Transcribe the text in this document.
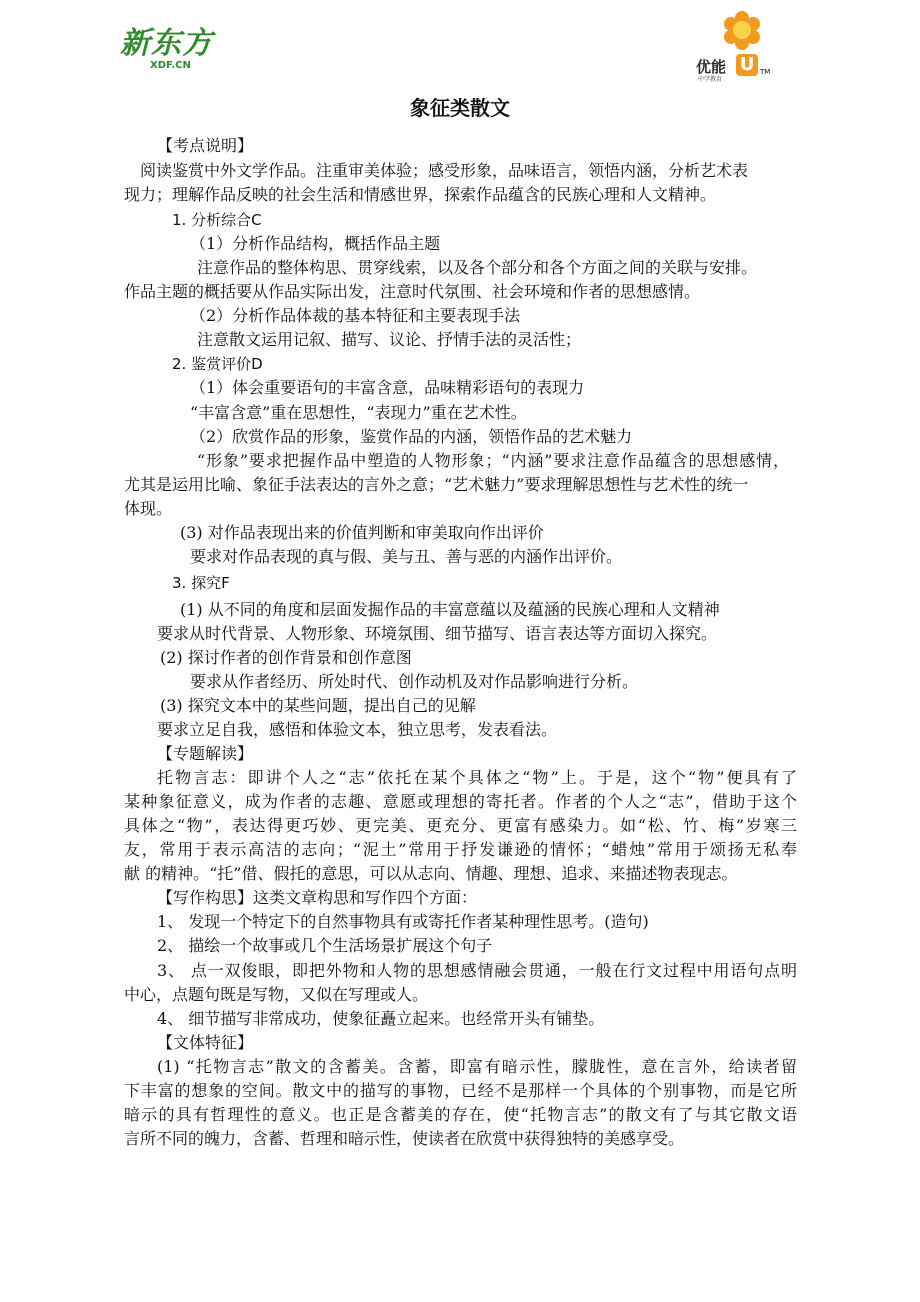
新东方
XDF.CN	优能 U TM
中学教育
象征类散文
【考点说明】
阅读鉴赏中外文学作品。注重审美体验；感受形象，品味语言，领悟内涵，分析艺术表
现力；理解作品反映的社会生活和情感世界，探索作品蕴含的民族心理和人文精神。
1. 分析综合C
（1）分析作品结构，概括作品主题
注意作品的整体构思、贯穿线索，以及各个部分和各个方面之间的关联与安排。
作品主题的概括要从作品实际出发，注意时代氛围、社会环境和作者的思想感情。
（2）分析作品体裁的基本特征和主要表现手法
注意散文运用记叙、描写、议论、抒情手法的灵活性；
2. 鉴赏评价D
（1）体会重要语句的丰富含意，品味精彩语句的表现力
“丰富含意”重在思想性，“表现力”重在艺术性。
（2）欣赏作品的形象，鉴赏作品的内涵，领悟作品的艺术魅力
“形象”要求把握作品中塑造的人物形象；“内涵”要求注意作品蕴含的思想感情，
尤其是运用比喻、象征手法表达的言外之意；“艺术魅力”要求理解思想性与艺术性的统一
体现。
(3) 对作品表现出来的价值判断和审美取向作出评价
要求对作品表现的真与假、美与丑、善与恶的内涵作出评价。
3. 探究F
(1) 从不同的角度和层面发掘作品的丰富意蕴以及蕴涵的民族心理和人文精神
要求从时代背景、人物形象、环境氛围、细节描写、语言表达等方面切入探究。
(2) 探讨作者的创作背景和创作意图
要求从作者经历、所处时代、创作动机及对作品影响进行分析。
(3) 探究文本中的某些问题，提出自己的见解
要求立足自我，感悟和体验文本，独立思考，发表看法。
【专题解读】
托物言志：即讲个人之“志”依托在某个具体之“物”上。于是，这个“物”便具有了
某种象征意义，成为作者的志趣、意愿或理想的寄托者。作者的个人之“志”，借助于这个
具体之“物”，表达得更巧妙、更完美、更充分、更富有感染力。如“松、竹、梅”岁寒三
友，常用于表示高洁的志向；“泥土”常用于抒发谦逊的情怀；“蜡烛”常用于颂扬无私奉
献 的精神。“托”借、假托的意思，可以从志向、情趣、理想、追求、来描述物表现志。
【写作构思】这类文章构思和写作四个方面：
1、 发现一个特定下的自然事物具有或寄托作者某种理性思考。(造句)
2、 描绘一个故事或几个生活场景扩展这个句子
3、 点一双俊眼，即把外物和人物的思想感情融会贯通，一般在行文过程中用语句点明
中心，点题句既是写物，又似在写理或人。
4、 细节描写非常成功，使象征矗立起来。也经常开头有铺垫。
【文体特征】
(1) “托物言志”散文的含蓄美。含蓄，即富有暗示性，朦胧性，意在言外，给读者留
下丰富的想象的空间。散文中的描写的事物，已经不是那样一个具体的个别事物，而是它所
暗示的具有哲理性的意义。也正是含蓄美的存在，使“托物言志”的散文有了与其它散文语
言所不同的魄力，含蓄、哲理和暗示性，使读者在欣赏中获得独特的美感享受。
